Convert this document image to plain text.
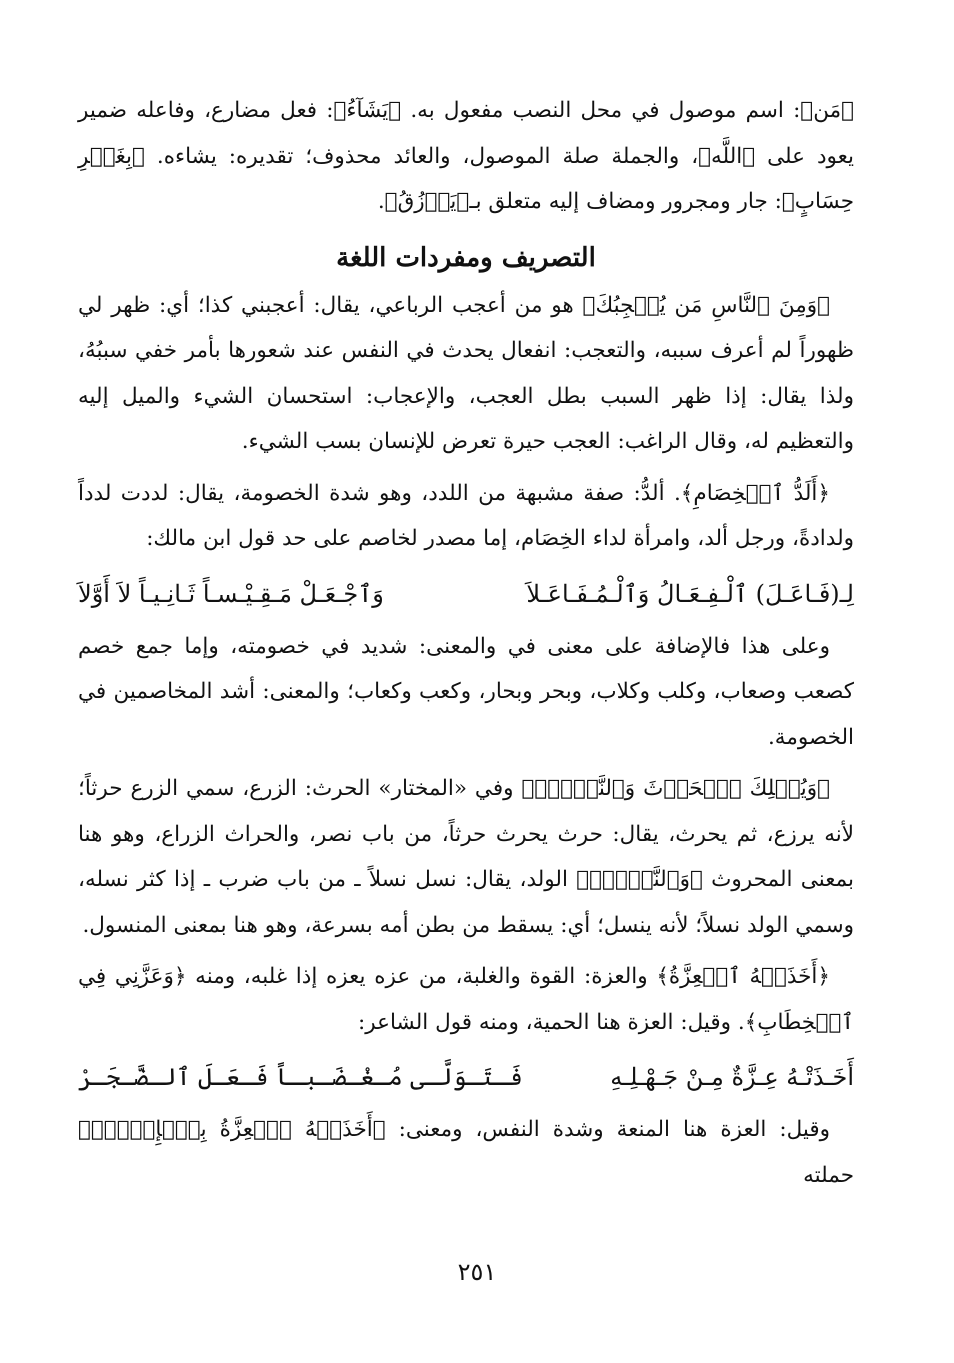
﴿مَن﴾: اسم موصول في محل النصب مفعول به. ﴿يَشَآءُ﴾: فعل مضارع، وفاعله ضمير يعود على ﴿اللَّه﴾، والجملة صلة الموصول، والعائد محذوف؛ تقديره: يشاءه. ﴿بِغَيۡرِ حِسَابٍ﴾: جار ومجرور ومضاف إليه متعلق بـ﴿يَرۡزُقُ﴾.

التصريف ومفردات اللغة

﴿وَمِنَ ٱلنَّاسِ مَن يُعۡجِبُكَ﴾ هو من أعجب الرباعي، يقال: أعجبني كذا؛ أي: ظهر لي ظهوراً لم أعرف سببه، والتعجب: انفعال يحدث في النفس عند شعورها بأمر خفي سببُهُ، ولذا يقال: إذا ظهر السبب بطل العجب، والإعجاب: استحسان الشيء والميل إليه والتعظيم له، وقال الراغب: العجب حيرة تعرض للإنسان بسب الشيء.

﴿أَلَدُّ ٱلۡخِصَامِ﴾. ألدُّ: صفة مشبهة من اللدد، وهو شدة الخصومة، يقال: لددت لدداً ولدادةً، ورجل ألد، وامرأة لداء الخِصَام، إما مصدر لخاصم على حد قول ابن مالك:

لِـ(فَـاعَـلَ) ٱلْـفِـعَـالُ وَٱلْـمُـفَـاعَـلاَ
وَٱجْـعَـلْ مَـقِـيْـسـاً ثَـانِـيـاً لاَ أَوَّلاَ

وعلى هذا فالإضافة على معنى في والمعنى: شديد في خصومته، وإما جمع خصم كصعب وصعاب، وكلب وكلاب، وبحر وبحار، وكعب وكعاب؛ والمعنى: أشد المخاصمين في الخصومة.

﴿وَيُهۡلِكَ ٱلۡحَرۡثَ وَٱلنَّسۡلَۚ﴾ وفي «المختار» الحرث: الزرع، سمي الزرع حرثاً؛ لأنه يرزع، ثم يحرث، يقال: حرث يحرث حرثاً، من باب نصر، والحراث الزراع، وهو هنا بمعنى المحروث ﴿وَٱلنَّسۡلَۚ﴾ الولد، يقال: نسل نسلاً ـ من باب ضرب ـ إذا كثر نسله، وسمي الولد نسلاً؛ لأنه ينسل؛ أي: يسقط من بطن أمه بسرعة، وهو هنا بمعنى المنسول.

﴿أَخَذَتۡهُ ٱلۡعِزَّةُ﴾ والعزة: القوة والغلبة، من عزه يعزه إذا غلبه، ومنه ﴿وَعَزَّنِي فِي ٱلۡخِطَابِ﴾. وقيل: العزة هنا الحمية، ومنه قول الشاعر:

أَخَـذَتْـهُ عِـزَّةٌ مِـنْ جَـهْـلِـهِ
فَـتَـوَلَّـى مُـغْـضَـبـاً فَـعَـلَ ٱلـضَّـجَـرْ

وقيل: العزة هنا المنعة وشدة النفس، ومعنى: ﴿أَخَذَتۡهُ ٱلۡعِزَّةُ بِٱلۡإِثۡمِۚ﴾ حملته

٢٥١
